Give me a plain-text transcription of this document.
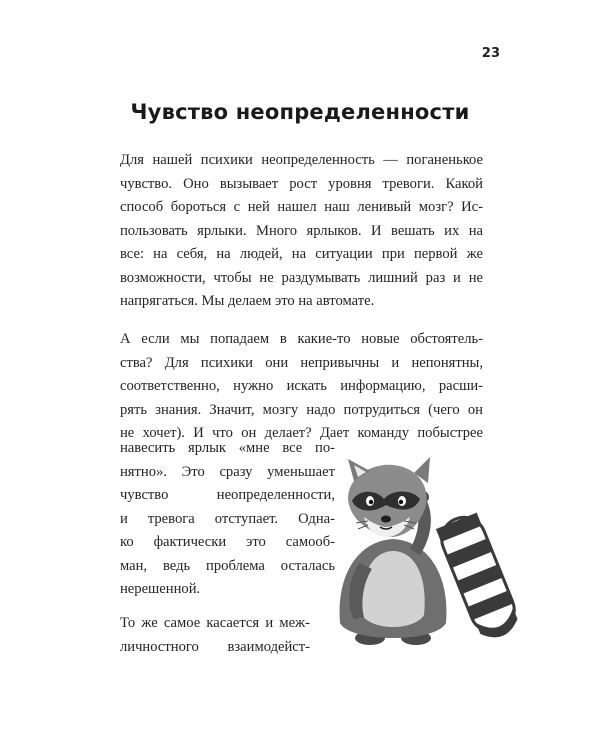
23
Чувство неопределенности
Для нашей психики неопределенность — поганенькое
чувство. Оно вызывает рост уровня тревоги. Какой
способ бороться с ней нашел наш ленивый мозг? Ис-
пользовать ярлыки. Много ярлыков. И вешать их на
все: на себя, на людей, на ситуации при первой же
возможности, чтобы не раздумывать лишний раз и не
напрягаться. Мы делаем это на автомате.
А если мы попадаем в какие-то новые обстоятель-
ства? Для психики они непривычны и непонятны,
соответственно, нужно искать информацию, расши-
рять знания. Значит, мозгу надо потрудиться (чего он
не хочет). И что он делает? Дает команду побыстрее
навесить ярлык «мне все по-
нятно». Это сразу уменьшает
чувство неопределенности,
и тревога отступает. Однa-
ко фактически это самооб-
ман, ведь проблема осталась
нерешенной.
То же самое касается и меж-
личностного взаимодейст-
